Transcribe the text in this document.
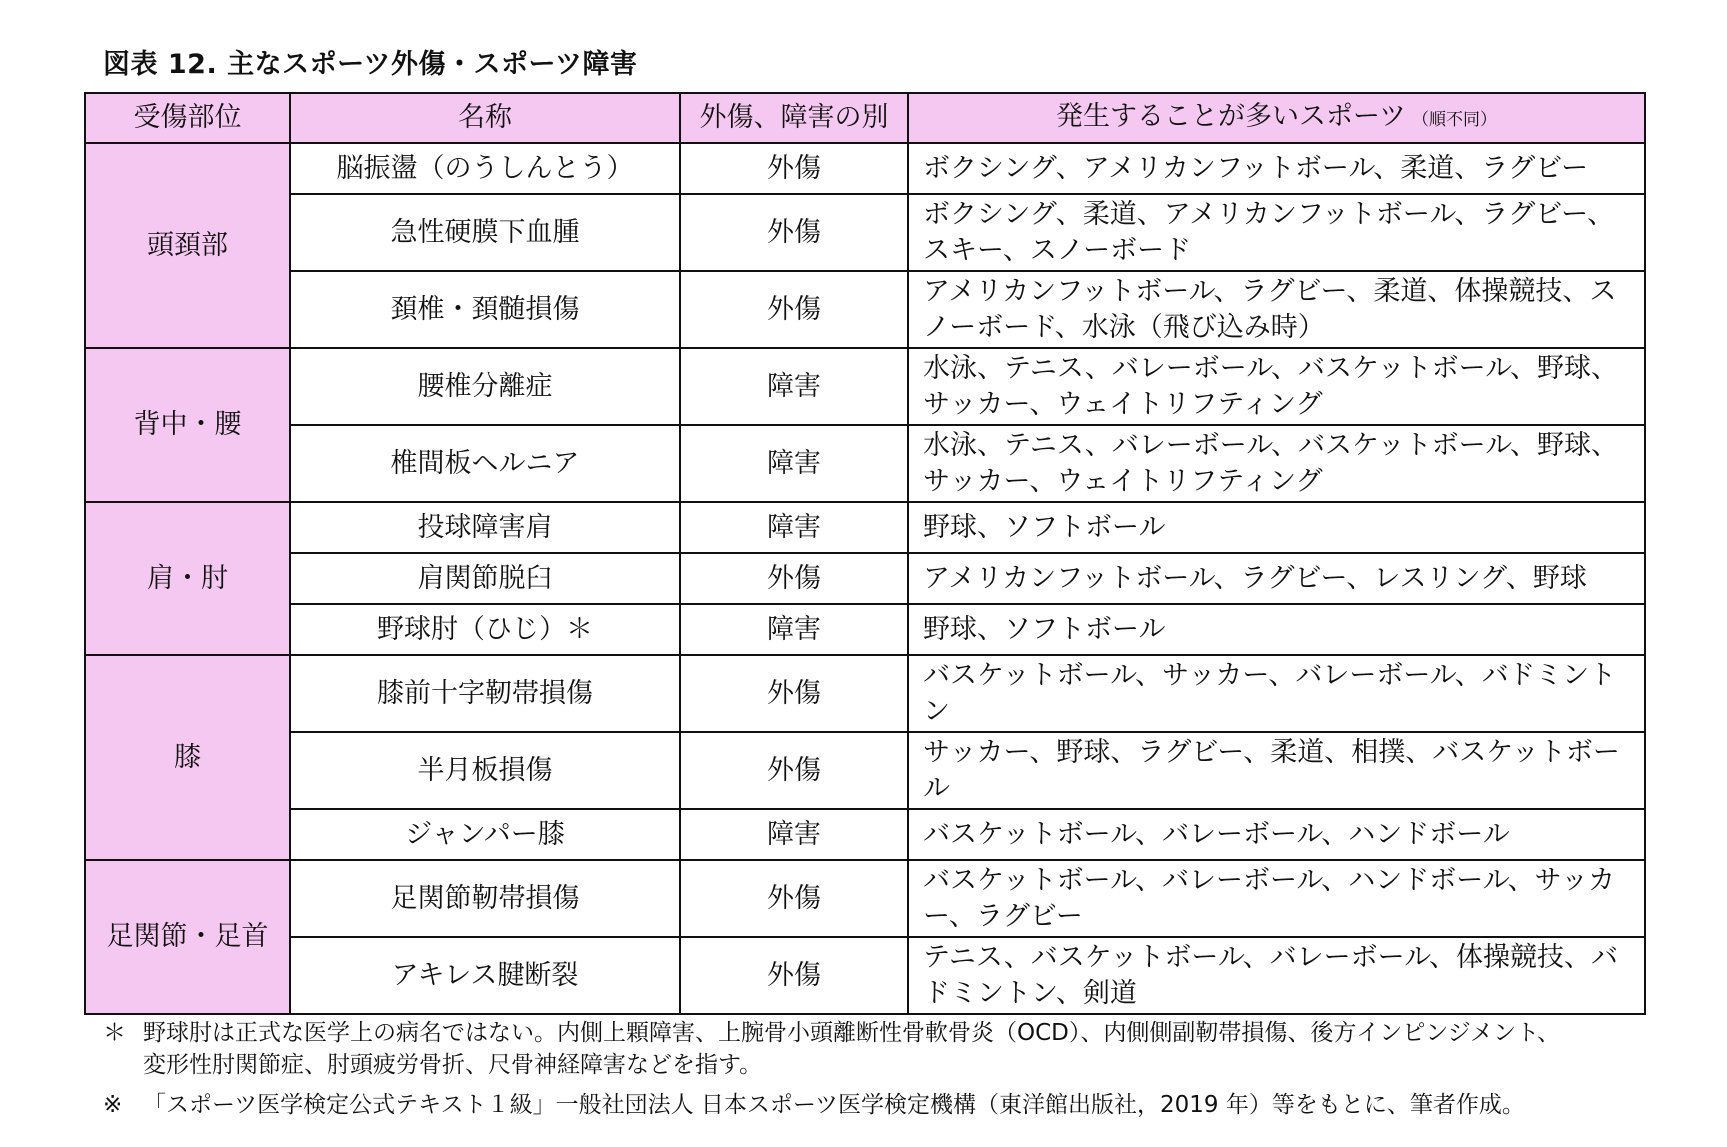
図表 12. 主なスポーツ外傷・スポーツ障害
受傷部位	名称	外傷、障害の別	発生することが多いスポーツ （順不同）
頭頚部	脳振盪（のうしんとう）	外傷	ボクシング、アメリカンフットボール、柔道、ラグビー
	急性硬膜下血腫	外傷	ボクシング、柔道、アメリカンフットボール、ラグビー、スキー、スノーボード
	頚椎・頚髄損傷	外傷	アメリカンフットボール、ラグビー、柔道、体操競技、スノーボード、水泳（飛び込み時）
背中・腰	腰椎分離症	障害	水泳、テニス、バレーボール、バスケットボール、野球、サッカー、ウェイトリフティング
	椎間板ヘルニア	障害	水泳、テニス、バレーボール、バスケットボール、野球、サッカー、ウェイトリフティング
肩・肘	投球障害肩	障害	野球、ソフトボール
	肩関節脱臼	外傷	アメリカンフットボール、ラグビー、レスリング、野球
	野球肘（ひじ）＊	障害	野球、ソフトボール
膝	膝前十字靭帯損傷	外傷	バスケットボール、サッカー、バレーボール、バドミントン
	半月板損傷	外傷	サッカー、野球、ラグビー、柔道、相撲、バスケットボール
	ジャンパー膝	障害	バスケットボール、バレーボール、ハンドボール
足関節・足首	足関節靭帯損傷	外傷	バスケットボール、バレーボール、ハンドボール、サッカー、ラグビー
	アキレス腱断裂	外傷	テニス、バスケットボール、バレーボール、体操競技、バドミントン、剣道
＊ 野球肘は正式な医学上の病名ではない。内側上顆障害、上腕骨小頭離断性骨軟骨炎（OCD）、内側側副靭帯損傷、後方インピンジメント、
変形性肘関節症、肘頭疲労骨折、尺骨神経障害などを指す。
※ 「スポーツ医学検定公式テキスト１級」一般社団法人 日本スポーツ医学検定機構（東洋館出版社，2019 年）等をもとに、筆者作成。
